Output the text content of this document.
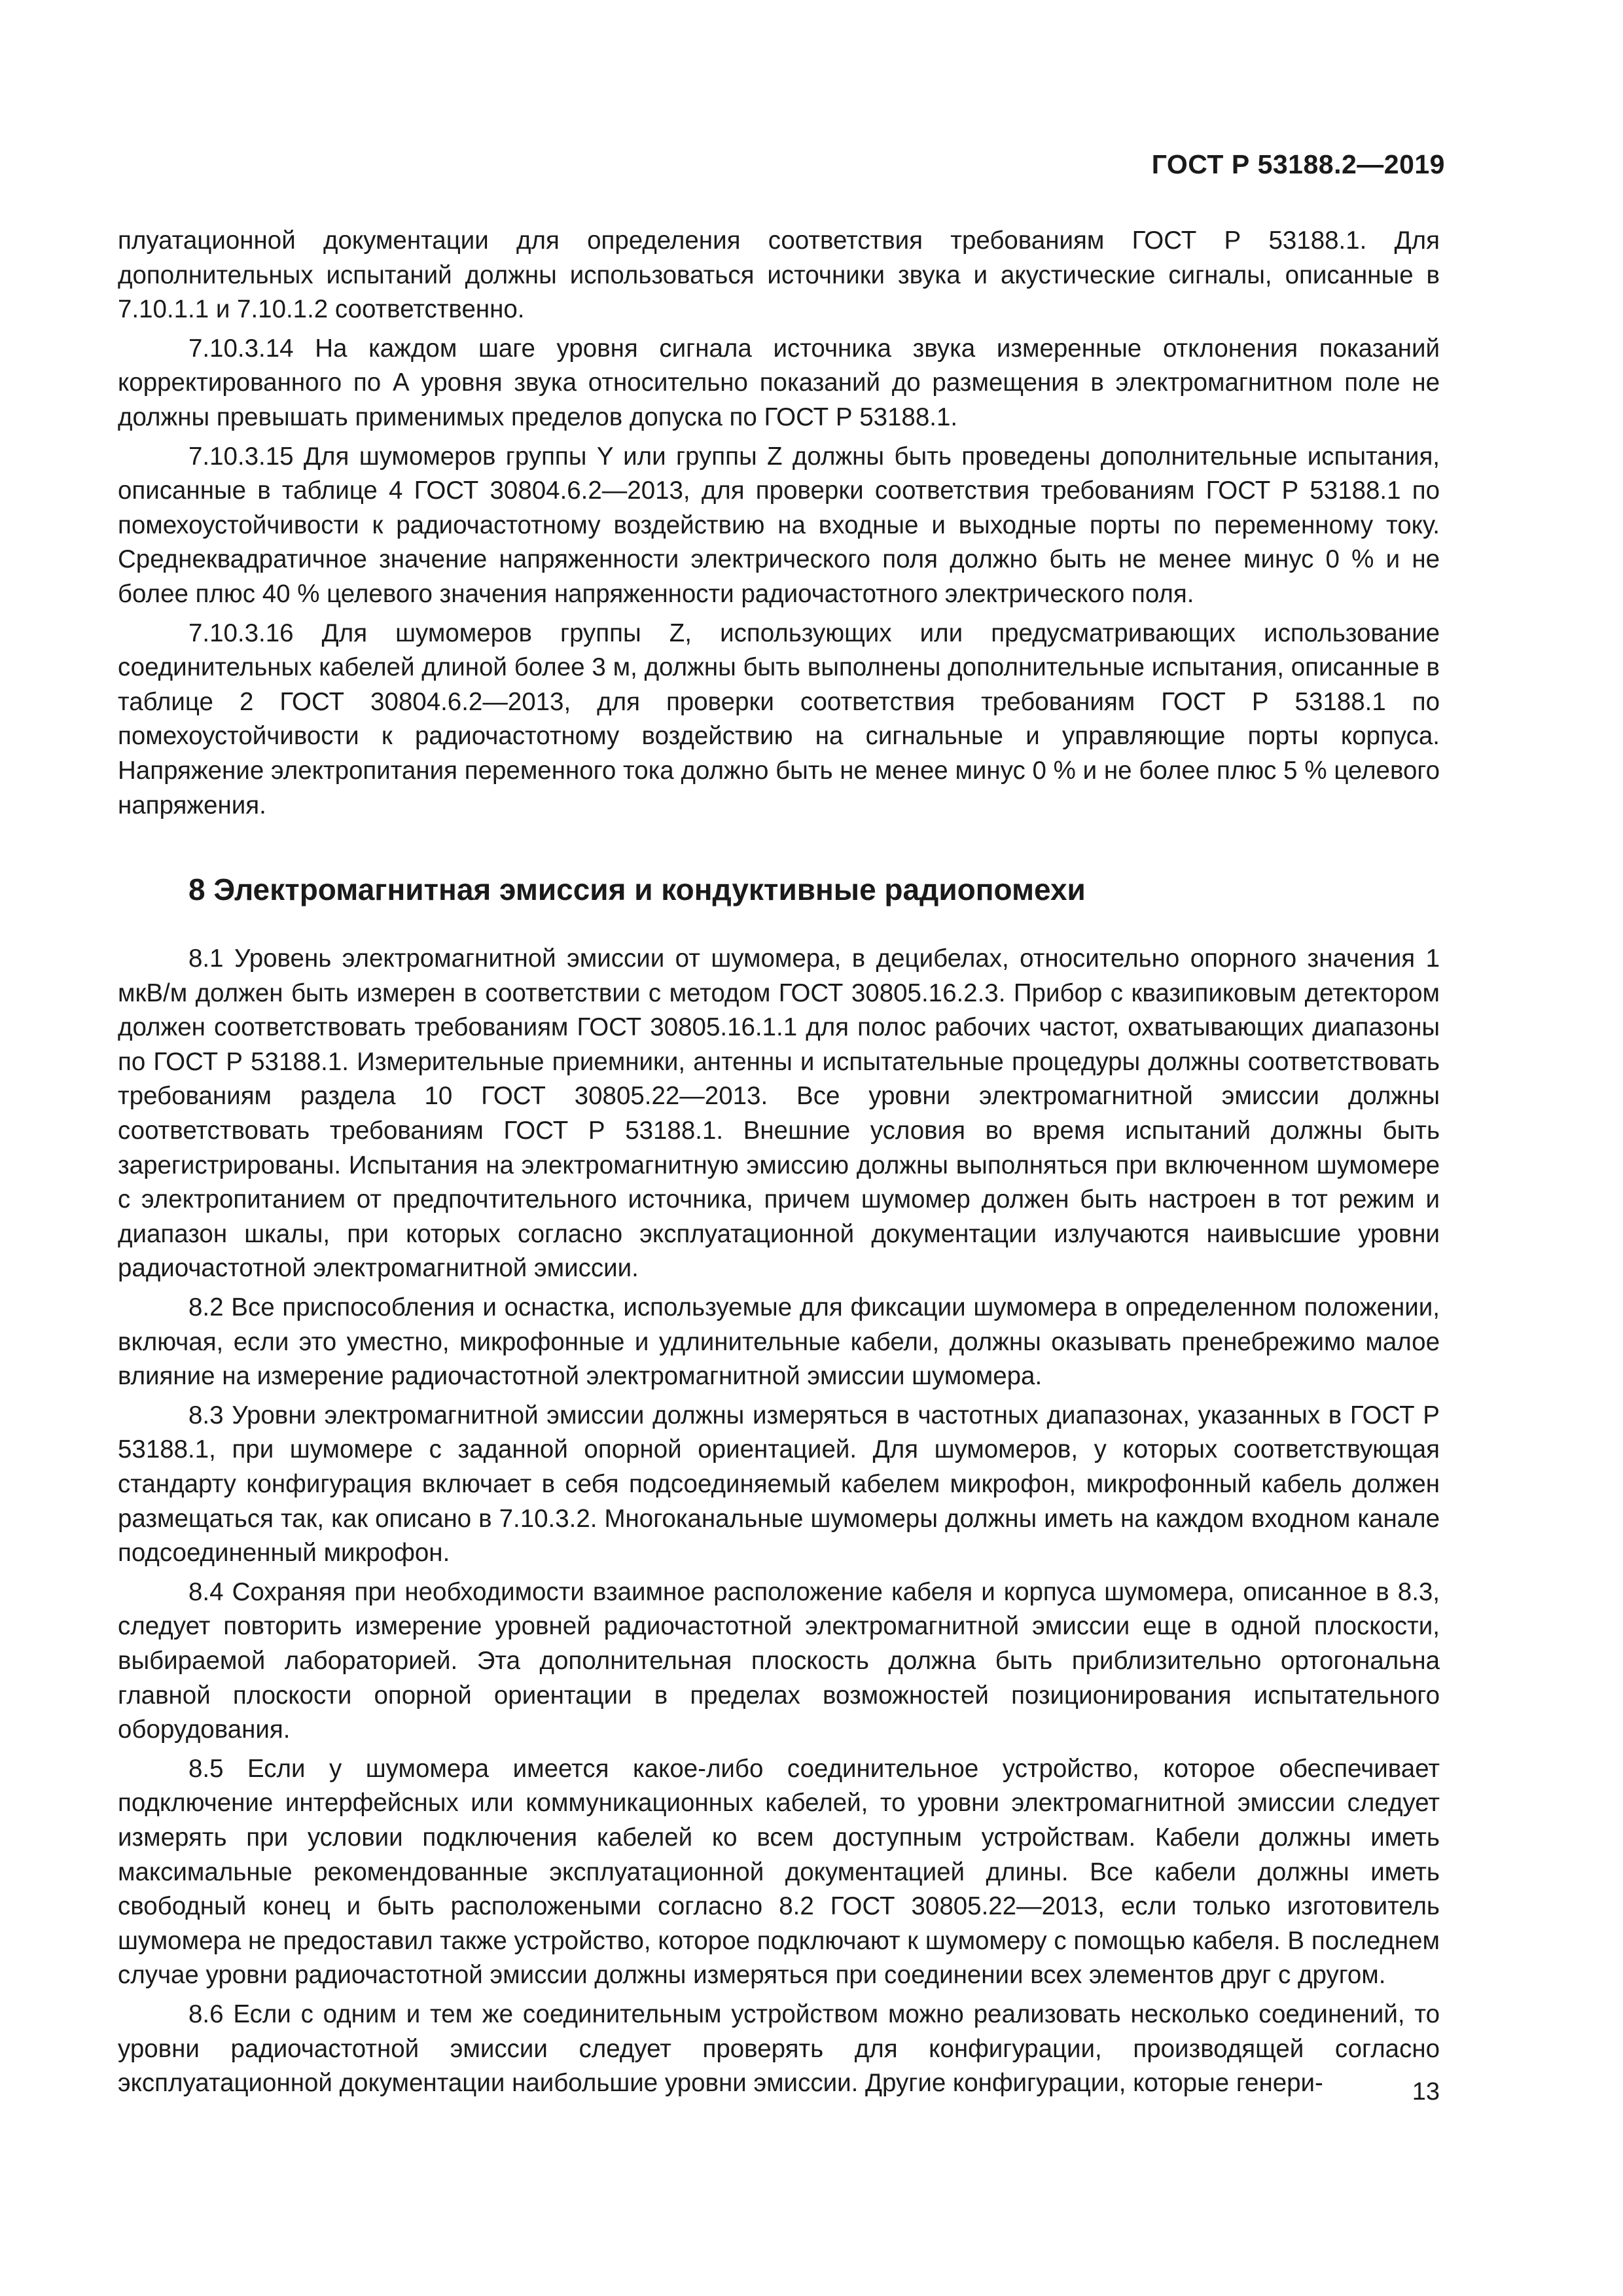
ГОСТ Р 53188.2—2019

плуатационной документации для определения соответствия требованиям ГОСТ Р 53188.1. Для дополнительных испытаний должны использоваться источники звука и акустические сигналы, описанные в 7.10.1.1 и 7.10.1.2 соответственно.

7.10.3.14 На каждом шаге уровня сигнала источника звука измеренные отклонения показаний корректированного по А уровня звука относительно показаний до размещения в электромагнитном поле не должны превышать применимых пределов допуска по ГОСТ Р 53188.1.

7.10.3.15 Для шумомеров группы Y или группы Z должны быть проведены дополнительные испытания, описанные в таблице 4 ГОСТ 30804.6.2—2013, для проверки соответствия требованиям ГОСТ Р 53188.1 по помехоустойчивости к радиочастотному воздействию на входные и выходные порты по переменному току. Среднеквадратичное значение напряженности электрического поля должно быть не менее минус 0 % и не более плюс 40 % целевого значения напряженности радиочастотного электрического поля.

7.10.3.16 Для шумомеров группы Z, использующих или предусматривающих использование соединительных кабелей длиной более 3 м, должны быть выполнены дополнительные испытания, описанные в таблице 2 ГОСТ 30804.6.2—2013, для проверки соответствия требованиям ГОСТ Р 53188.1 по помехоустойчивости к радиочастотному воздействию на сигнальные и управляющие порты корпуса. Напряжение электропитания переменного тока должно быть не менее минус 0 % и не более плюс 5 % целевого напряжения.

8 Электромагнитная эмиссия и кондуктивные радиопомехи

8.1 Уровень электромагнитной эмиссии от шумомера, в децибелах, относительно опорного значения 1 мкВ/м должен быть измерен в соответствии с методом ГОСТ 30805.16.2.3. Прибор с квазипиковым детектором должен соответствовать требованиям ГОСТ 30805.16.1.1 для полос рабочих частот, охватывающих диапазоны по ГОСТ Р 53188.1. Измерительные приемники, антенны и испытательные процедуры должны соответствовать требованиям раздела 10 ГОСТ 30805.22—2013. Все уровни электромагнитной эмиссии должны соответствовать требованиям ГОСТ Р 53188.1. Внешние условия во время испытаний должны быть зарегистрированы. Испытания на электромагнитную эмиссию должны выполняться при включенном шумомере с электропитанием от предпочтительного источника, причем шумомер должен быть настроен в тот режим и диапазон шкалы, при которых согласно эксплуатационной документации излучаются наивысшие уровни радиочастотной электромагнитной эмиссии.

8.2 Все приспособления и оснастка, используемые для фиксации шумомера в определенном положении, включая, если это уместно, микрофонные и удлинительные кабели, должны оказывать пренебрежимо малое влияние на измерение радиочастотной электромагнитной эмиссии шумомера.

8.3 Уровни электромагнитной эмиссии должны измеряться в частотных диапазонах, указанных в ГОСТ Р 53188.1, при шумомере с заданной опорной ориентацией. Для шумомеров, у которых соответствующая стандарту конфигурация включает в себя подсоединяемый кабелем микрофон, микрофонный кабель должен размещаться так, как описано в 7.10.3.2. Многоканальные шумомеры должны иметь на каждом входном канале подсоединенный микрофон.

8.4 Сохраняя при необходимости взаимное расположение кабеля и корпуса шумомера, описанное в 8.3, следует повторить измерение уровней радиочастотной электромагнитной эмиссии еще в одной плоскости, выбираемой лабораторией. Эта дополнительная плоскость должна быть приблизительно ортогональна главной плоскости опорной ориентации в пределах возможностей позиционирования испытательного оборудования.

8.5 Если у шумомера имеется какое-либо соединительное устройство, которое обеспечивает подключение интерфейсных или коммуникационных кабелей, то уровни электромагнитной эмиссии следует измерять при условии подключения кабелей ко всем доступным устройствам. Кабели должны иметь максимальные рекомендованные эксплуатационной документацией длины. Все кабели должны иметь свободный конец и быть расположеными согласно 8.2 ГОСТ 30805.22—2013, если только изготовитель шумомера не предоставил также устройство, которое подключают к шумомеру с помощью кабеля. В последнем случае уровни радиочастотной эмиссии должны измеряться при соединении всех элементов друг с другом.

8.6 Если с одним и тем же соединительным устройством можно реализовать несколько соединений, то уровни радиочастотной эмиссии следует проверять для конфигурации, производящей согласно эксплуатационной документации наибольшие уровни эмиссии. Другие конфигурации, которые генери-	13
